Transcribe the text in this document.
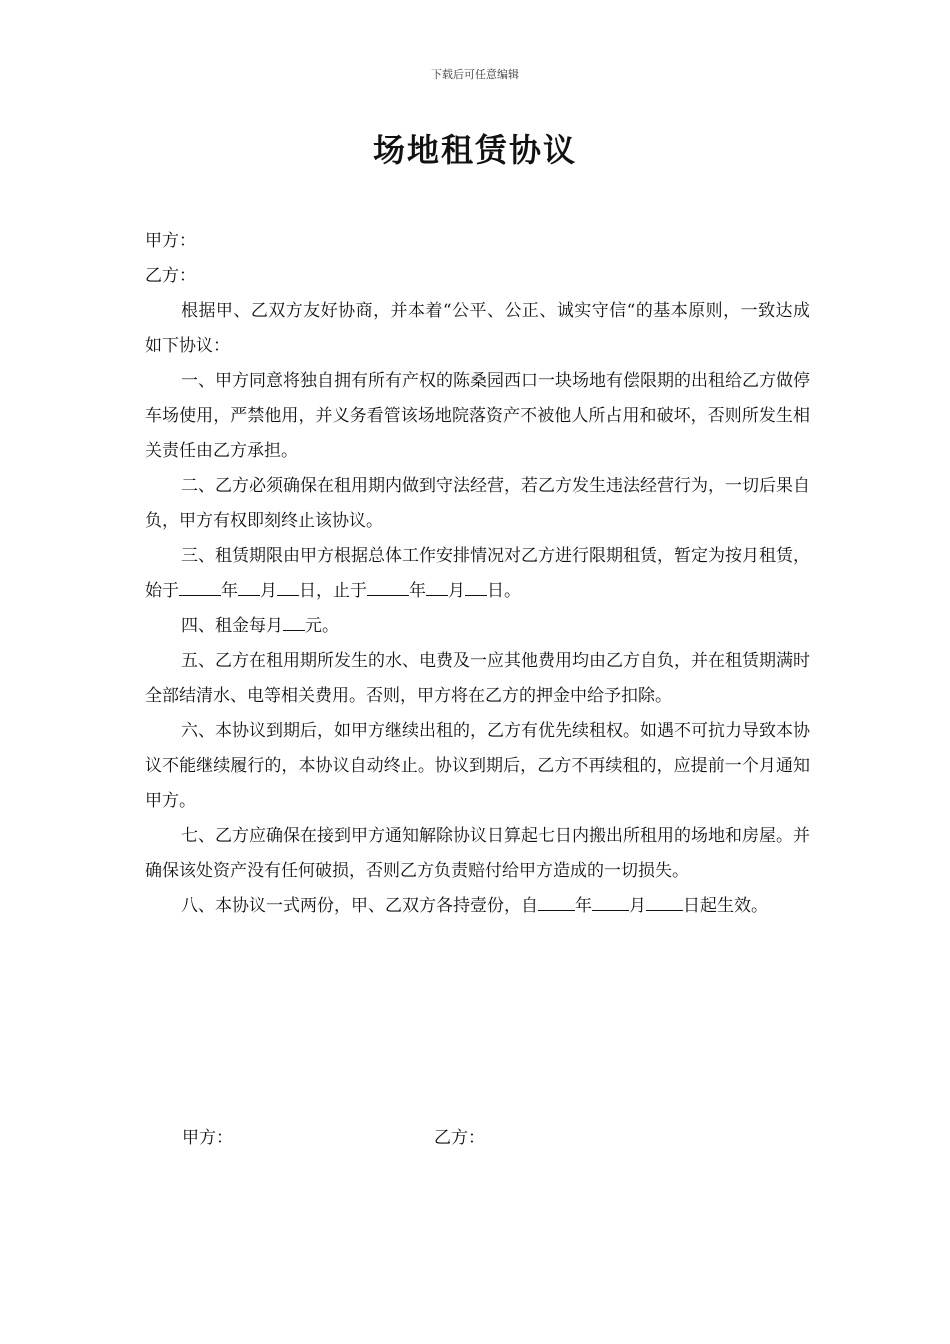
下载后可任意编辑
场地租赁协议

甲方：

乙方：

根据甲、乙双方友好协商，并本着“公平、公正、诚实守信“的基本原则，一致达成如下协议：

一、甲方同意将独自拥有所有产权的陈桑园西口一块场地有偿限期的出租给乙方做停车场使用，严禁他用，并义务看管该场地院落资产不被他人所占用和破坏，否则所发生相关责任由乙方承担。

二、乙方必须确保在租用期内做到守法经营，若乙方发生违法经营行为，一切后果自负，甲方有权即刻终止该协议。

三、租赁期限由甲方根据总体工作安排情况对乙方进行限期租赁，暂定为按月租赁，始于 年 月 日，止于 年 月 日。

四、租金每月 元。

五、乙方在租用期所发生的水、电费及一应其他费用均由乙方自负，并在租赁期满时全部结清水、电等相关费用。否则，甲方将在乙方的押金中给予扣除。

六、本协议到期后，如甲方继续出租的，乙方有优先续租权。如遇不可抗力导致本协议不能继续履行的，本协议自动终止。协议到期后，乙方不再续租的，应提前一个月通知甲方。

七、乙方应确保在接到甲方通知解除协议日算起七日内搬出所租用的场地和房屋。并确保该处资产没有任何破损，否则乙方负责赔付给甲方造成的一切损失。

八、本协议一式两份，甲、乙双方各持壹份，自 年 月 日起生效。

甲方：	乙方：
